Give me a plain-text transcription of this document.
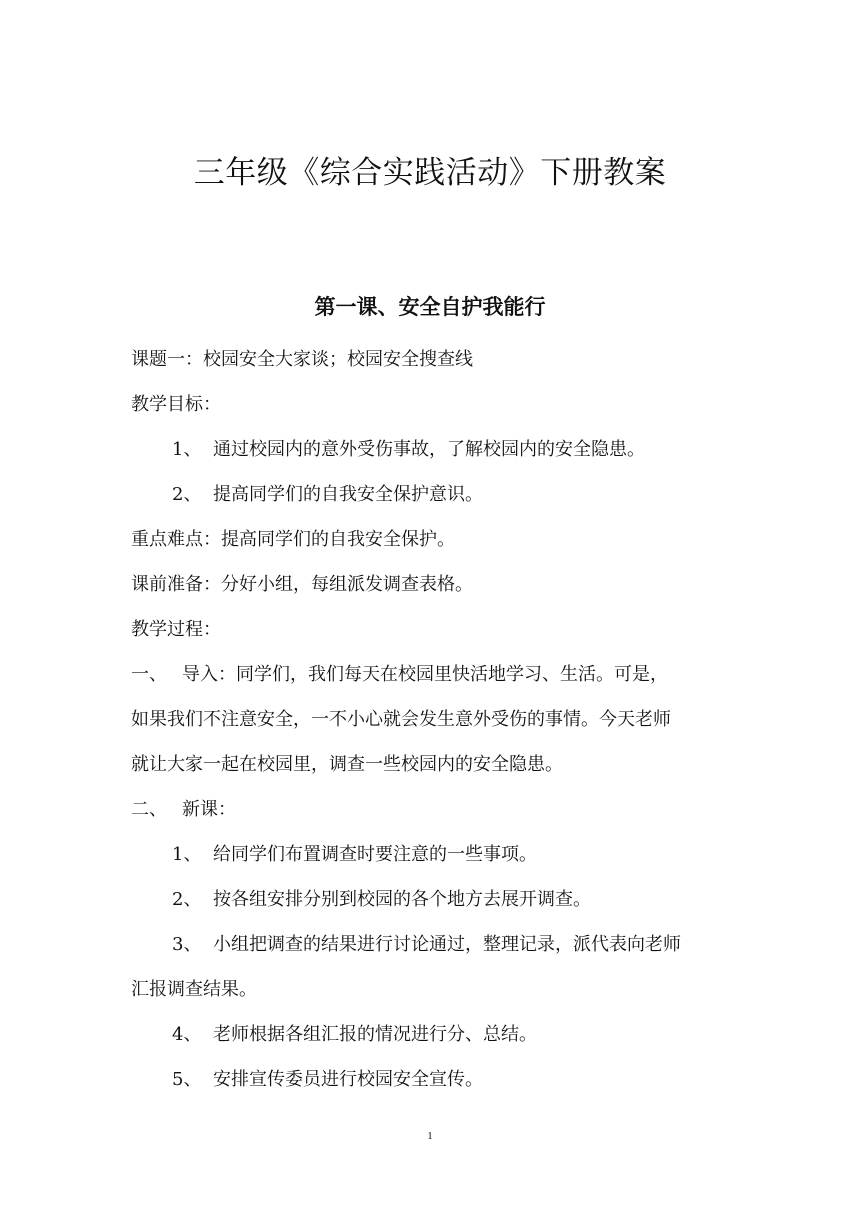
三年级《综合实践活动》下册教案
第一课、安全自护我能行
课题一：校园安全大家谈；校园安全搜查线
教学目标：
1、 通过校园内的意外受伤事故，了解校园内的安全隐患。
2、 提高同学们的自我安全保护意识。
重点难点：提高同学们的自我安全保护。
课前准备：分好小组，每组派发调查表格。
教学过程：
一、 导入：同学们，我们每天在校园里快活地学习、生活。可是，
如果我们不注意安全，一不小心就会发生意外受伤的事情。今天老师
就让大家一起在校园里，调查一些校园内的安全隐患。
二、 新课：
1、 给同学们布置调查时要注意的一些事项。
2、 按各组安排分别到校园的各个地方去展开调查。
3、 小组把调查的结果进行讨论通过，整理记录，派代表向老师
汇报调查结果。
4、 老师根据各组汇报的情况进行分、总结。
5、 安排宣传委员进行校园安全宣传。
1
